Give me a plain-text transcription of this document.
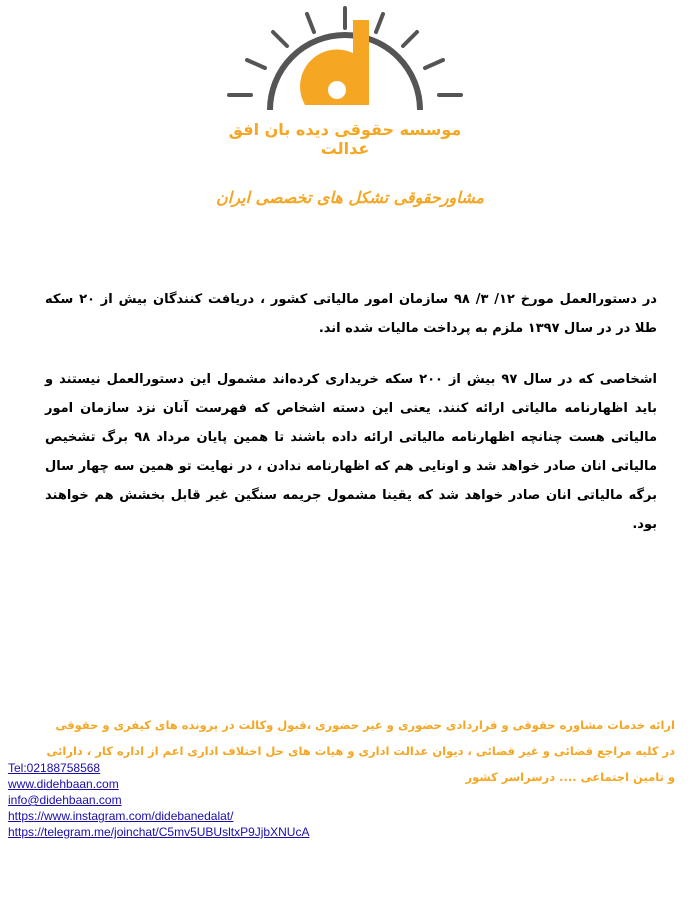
موسسه حقوقی دیده بان افق عدالت
مشاورحقوقی تشکل های تخصصی ایران
در دستورالعمل مورخ ۱۲/ ۳/ ۹۸ سازمان امور مالیاتی کشور ، دریافت کنندگان بیش از ۲۰ سکه طلا در در سال ۱۳۹۷ ملزم به پرداخت مالیات شده اند.
اشخاصی که در سال ۹۷ بیش از ۲۰۰ سکه خریداری کرده‌اند مشمول این دستورالعمل نیستند و باید اظهارنامه مالیاتی ارائه کنند. یعنی این دسته اشخاص که فهرست آنان نزد سازمان امور مالیاتی هست چنانچه اظهارنامه مالیاتی ارائه داده باشند تا همین پایان مرداد ۹۸ برگ تشخیص مالیاتی انان صادر خواهد شد و اونایی هم که اظهارنامه ندادن ، در نهایت تو همین سه چهار سال برگه مالیاتی انان صادر خواهد شد که یقینا مشمول جریمه سنگین غیر قابل بخشش هم خواهند بود.
ارائه خدمات مشاوره حقوقی و قراردادی حضوری و غیر حضوری ،قبول وکالت در پرونده های کیفری و حقوقی در کلیه مراجع قضائی و غیر قضائی ، دیوان عدالت اداری و هیات های حل اختلاف اداری اعم از اداره کار ، دارائی و تامین اجتماعی .... درسراسر کشور
Tel:02188758568
www.didehbaan.com
info@didehbaan.com
https://www.instagram.com/didebanedalat/
https://telegram.me/joinchat/C5mv5UBUsltxP9JjbXNUcA
